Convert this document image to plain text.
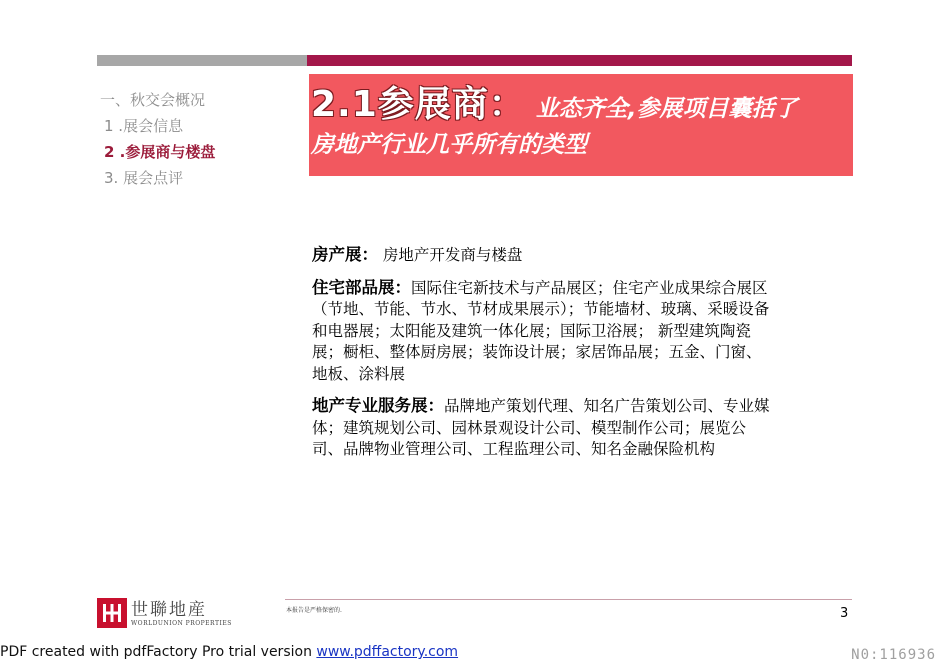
一、秋交会概况
1 .展会信息
2 .参展商与楼盘
3. 展会点评
2.1参展商： 业态齐全,参展项目囊括了
房地产行业几乎所有的类型
房产展： 房地产开发商与楼盘
住宅部品展：国际住宅新技术与产品展区；住宅产业成果综合展区（节地、节能、节水、节材成果展示）；节能墙材、玻璃、采暖设备和电器展；太阳能及建筑一体化展；国际卫浴展； 新型建筑陶瓷展；橱柜、整体厨房展；装饰设计展；家居饰品展；五金、门窗、地板、涂料展
地产专业服务展：品牌地产策划代理、知名广告策划公司、专业媒体；建筑规划公司、园林景观设计公司、模型制作公司；展览公司、品牌物业管理公司、工程监理公司、知名金融保险机构
世聯地産
WORLDUNION PROPERTIES
本报告是严格保密的.	3
PDF created with pdfFactory Pro trial version www.pdffactory.com	N0:116936
